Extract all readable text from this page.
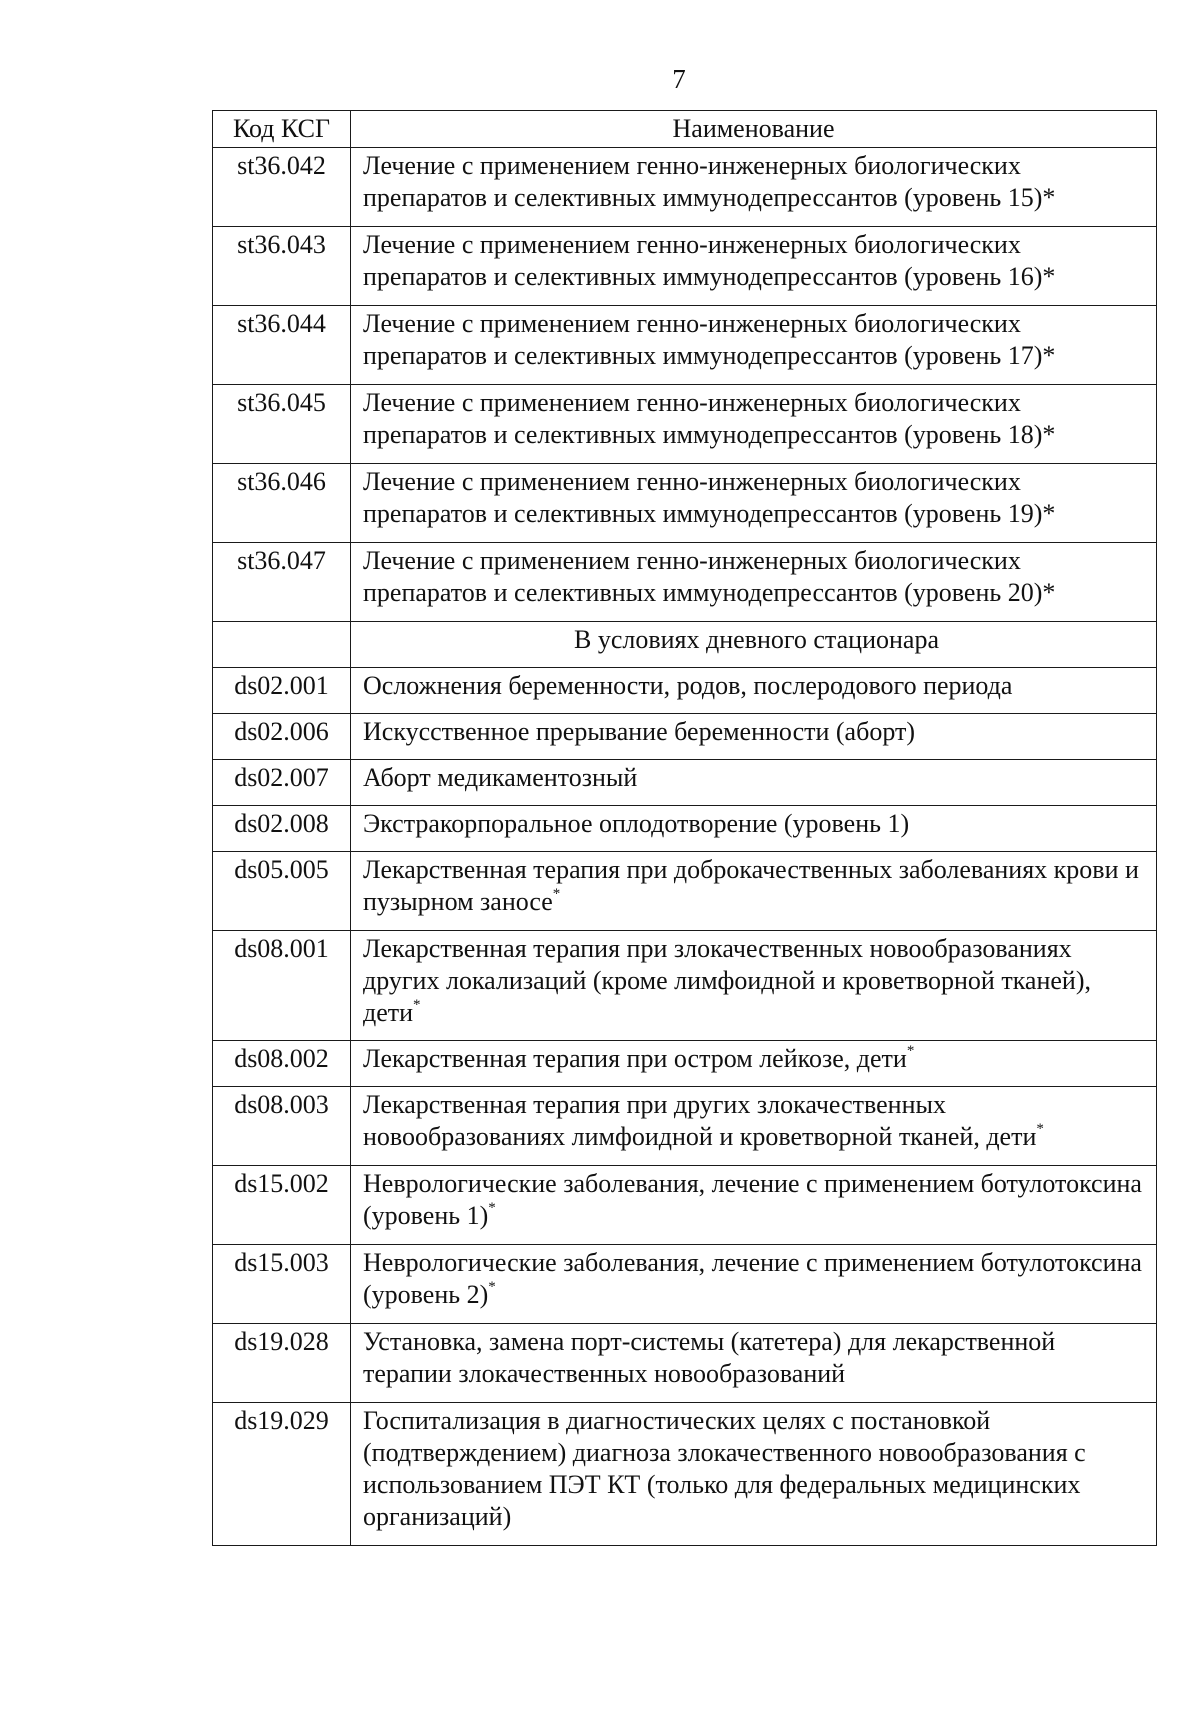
7
Код КСГ	Наименование
st36.042	Лечение с применением генно-инженерных биологических препаратов и селективных иммунодепрессантов (уровень 15)*
st36.043	Лечение с применением генно-инженерных биологических препаратов и селективных иммунодепрессантов (уровень 16)*
st36.044	Лечение с применением генно-инженерных биологических препаратов и селективных иммунодепрессантов (уровень 17)*
st36.045	Лечение с применением генно-инженерных биологических препаратов и селективных иммунодепрессантов (уровень 18)*
st36.046	Лечение с применением генно-инженерных биологических препаратов и селективных иммунодепрессантов (уровень 19)*
st36.047	Лечение с применением генно-инженерных биологических препаратов и селективных иммунодепрессантов (уровень 20)*
	В условиях дневного стационара
ds02.001	Осложнения беременности, родов, послеродового периода
ds02.006	Искусственное прерывание беременности (аборт)
ds02.007	Аборт медикаментозный
ds02.008	Экстракорпоральное оплодотворение (уровень 1)
ds05.005	Лекарственная терапия при доброкачественных заболеваниях крови и пузырном заносе*
ds08.001	Лекарственная терапия при злокачественных новообразованиях других локализаций (кроме лимфоидной и кроветворной тканей), дети*
ds08.002	Лекарственная терапия при остром лейкозе, дети*
ds08.003	Лекарственная терапия при других злокачественных новообразованиях лимфоидной и кроветворной тканей, дети*
ds15.002	Неврологические заболевания, лечение с применением ботулотоксина (уровень 1)*
ds15.003	Неврологические заболевания, лечение с применением ботулотоксина (уровень 2)*
ds19.028	Установка, замена порт-системы (катетера) для лекарственной терапии злокачественных новообразований
ds19.029	Госпитализация в диагностических целях с постановкой (подтверждением) диагноза злокачественного новообразования с использованием ПЭТ КТ (только для федеральных медицинских организаций)
